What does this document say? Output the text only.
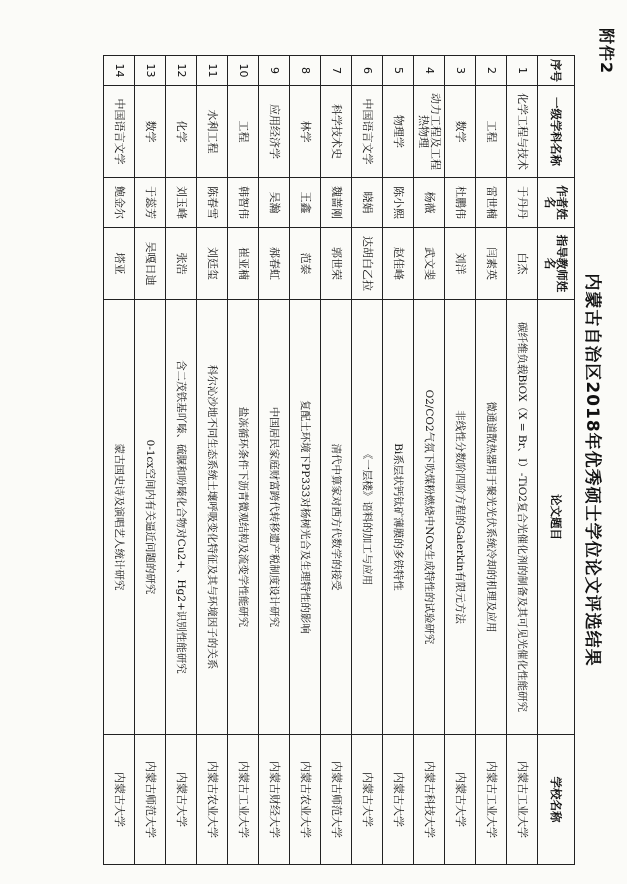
附件2
内蒙古自治区2018年优秀硕士学位论文评选结果
序号	一级学科名称	作者姓名	指导教师姓名	论文题目	学校名称
1	化学工程与技术	于丹丹	白杰	碳纤维负载BiOX（X = Br、I）-TiO2复合光催化剂的制备及其可见光催化性能研究	内蒙古工业大学
2	工程	雷世楠	闫素英	微通道散热器用于聚光光伏系统冷却的机理及应用	内蒙古工业大学
3	数学	杜鹏伟	刘洋	非线性分数阶四阶方程的Galerkin有限元方法	内蒙古大学
4	动力工程及工程热物理	杨薇	武文斐	O2/CO2气氛下吹煤粉燃烧中NOx生成特性的试验研究	内蒙古科技大学
5	物理学	陈小熙	赵佳峰	Bi系层状钙钛矿薄膜的多铁特性	内蒙古大学
6	中国语言文学	晓娟	达胡白乙拉	《一层楼》语料的加工与应用	内蒙古大学
7	科学技术史	魏蔷刚	郭世荣	清代中算家对西方代数学的接受	内蒙古师范大学
8	林学	王鑫	范泰	复配土环境下PP333对杨树光合及生理特性的影响	内蒙古农业大学
9	应用经济学	吴瀚	郝春虹	中国居民家庭财富跨代转移遗产税制度设计研究	内蒙古财经大学
10	工程	韩智伟	崔亚楠	盐冻循环条件下沥青微观结构及流变学性能研究	内蒙古工业大学
11	水利工程	陈春雪	刘廷玺	科尔沁沙地不同生态系统土壤呼吸变化特征及其与环境因子的关系	内蒙古农业大学
12	化学	刘玉峰	张浩	含二茂铁基吖嗪、硫脲和吩嗪化合物对Cu2+、Hg2+识别性能研究	内蒙古大学
13	数学	于蕊芳	吴嘎日迪	0-1cx空间内有关逼近问题的研究	内蒙古师范大学
14	中国语言文学	鲍金尔	塔亚	蒙古国史诗及演唱艺人统计研究	内蒙古大学
